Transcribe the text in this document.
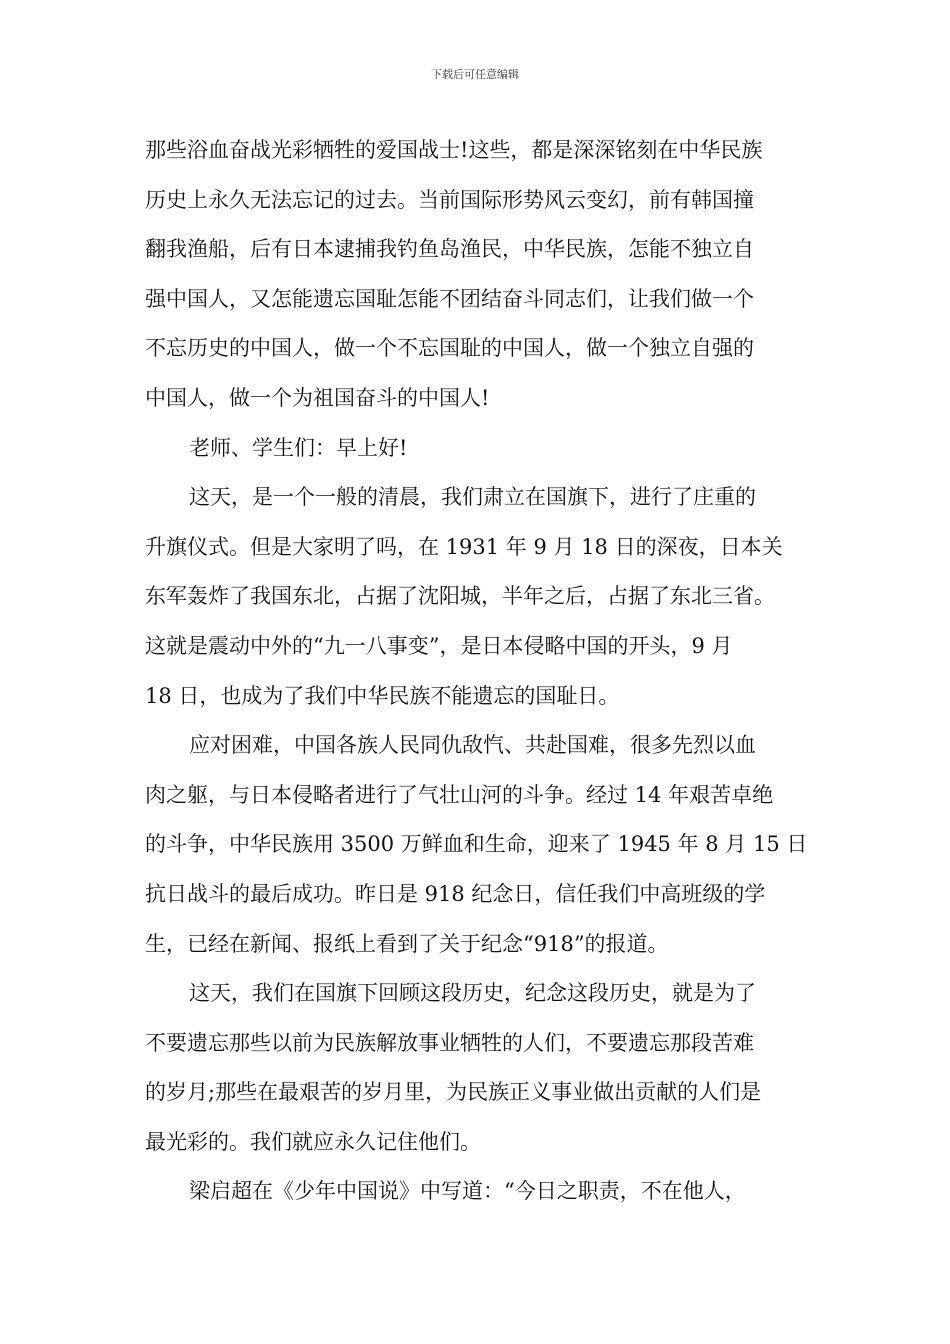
下载后可任意编辑
那些浴血奋战光彩牺牲的爱国战士!这些，都是深深铭刻在中华民族
历史上永久无法忘记的过去。当前国际形势风云变幻，前有韩国撞
翻我渔船，后有日本逮捕我钓鱼岛渔民，中华民族，怎能不独立自
强中国人，又怎能遗忘国耻怎能不团结奋斗同志们，让我们做一个
不忘历史的中国人，做一个不忘国耻的中国人，做一个独立自强的
中国人，做一个为祖国奋斗的中国人!
老师、学生们：早上好!
这天，是一个一般的清晨，我们肃立在国旗下，进行了庄重的
升旗仪式。但是大家明了吗，在 1931 年 9 月 18 日的深夜，日本关
东军轰炸了我国东北，占据了沈阳城，半年之后，占据了东北三省。
这就是震动中外的“九一八事变”，是日本侵略中国的开头，9 月
18 日，也成为了我们中华民族不能遗忘的国耻日。
应对困难，中国各族人民同仇敌忾、共赴国难，很多先烈以血
肉之躯，与日本侵略者进行了气壮山河的斗争。经过 14 年艰苦卓绝
的斗争，中华民族用 3500 万鲜血和生命，迎来了 1945 年 8 月 15 日
抗日战斗的最后成功。昨日是 918 纪念日，信任我们中高班级的学
生，已经在新闻、报纸上看到了关于纪念“918”的报道。
这天，我们在国旗下回顾这段历史，纪念这段历史，就是为了
不要遗忘那些以前为民族解放事业牺牲的人们，不要遗忘那段苦难
的岁月;那些在最艰苦的岁月里，为民族正义事业做出贡献的人们是
最光彩的。我们就应永久记住他们。
梁启超在《少年中国说》中写道：“今日之职责，不在他人，
